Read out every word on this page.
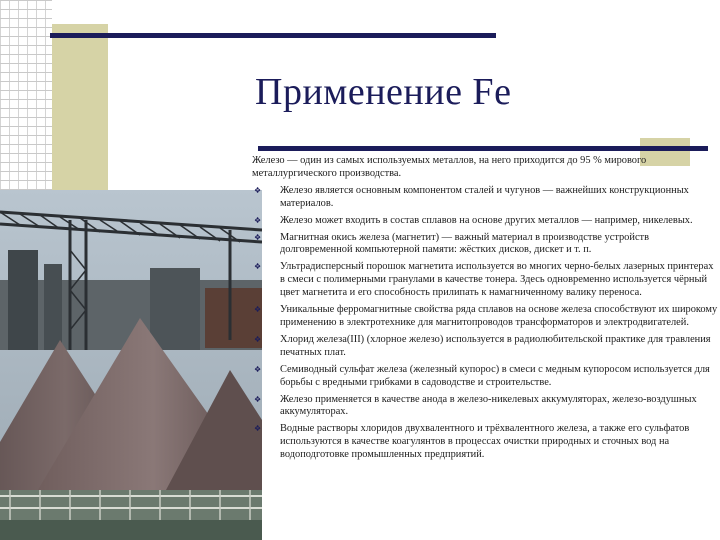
Применение Fe

Железо — один из самых используемых металлов, на него приходится до 95 % мирового металлургического производства.

❖ Железо является основным компонентом сталей и чугунов — важнейших конструкционных материалов.
❖ Железо может входить в состав сплавов на основе других металлов — например, никелевых.
❖ Магнитная окись железа (магнетит) — важный материал в производстве устройств долговременной компьютерной памяти: жёстких дисков, дискет и т. п.
❖ Ультрадисперсный порошок магнетита используется во многих черно-белых лазерных принтерах в смеси с полимерными гранулами в качестве тонера. Здесь одновременно используется чёрный цвет магнетита и его способность прилипать к намагниченному валику переноса.
❖ Уникальные ферромагнитные свойства ряда сплавов на основе железа способствуют их широкому применению в электротехнике для магнитопроводов трансформаторов и электродвигателей.
❖ Хлорид железа(III) (хлорное железо) используется в радиолюбительской практике для травления печатных плат.
❖ Семиводный сульфат железа (железный купорос) в смеси с медным купоросом используется для борьбы с вредными грибками в садоводстве и строительстве.
❖ Железо применяется в качестве анода в железо-никелевых аккумуляторах, железо-воздушных аккумуляторах.
❖ Водные растворы хлоридов двухвалентного и трёхвалентного железа, а также его сульфатов используются в качестве коагулянтов в процессах очистки природных и сточных вод на водоподготовке промышленных предприятий.
